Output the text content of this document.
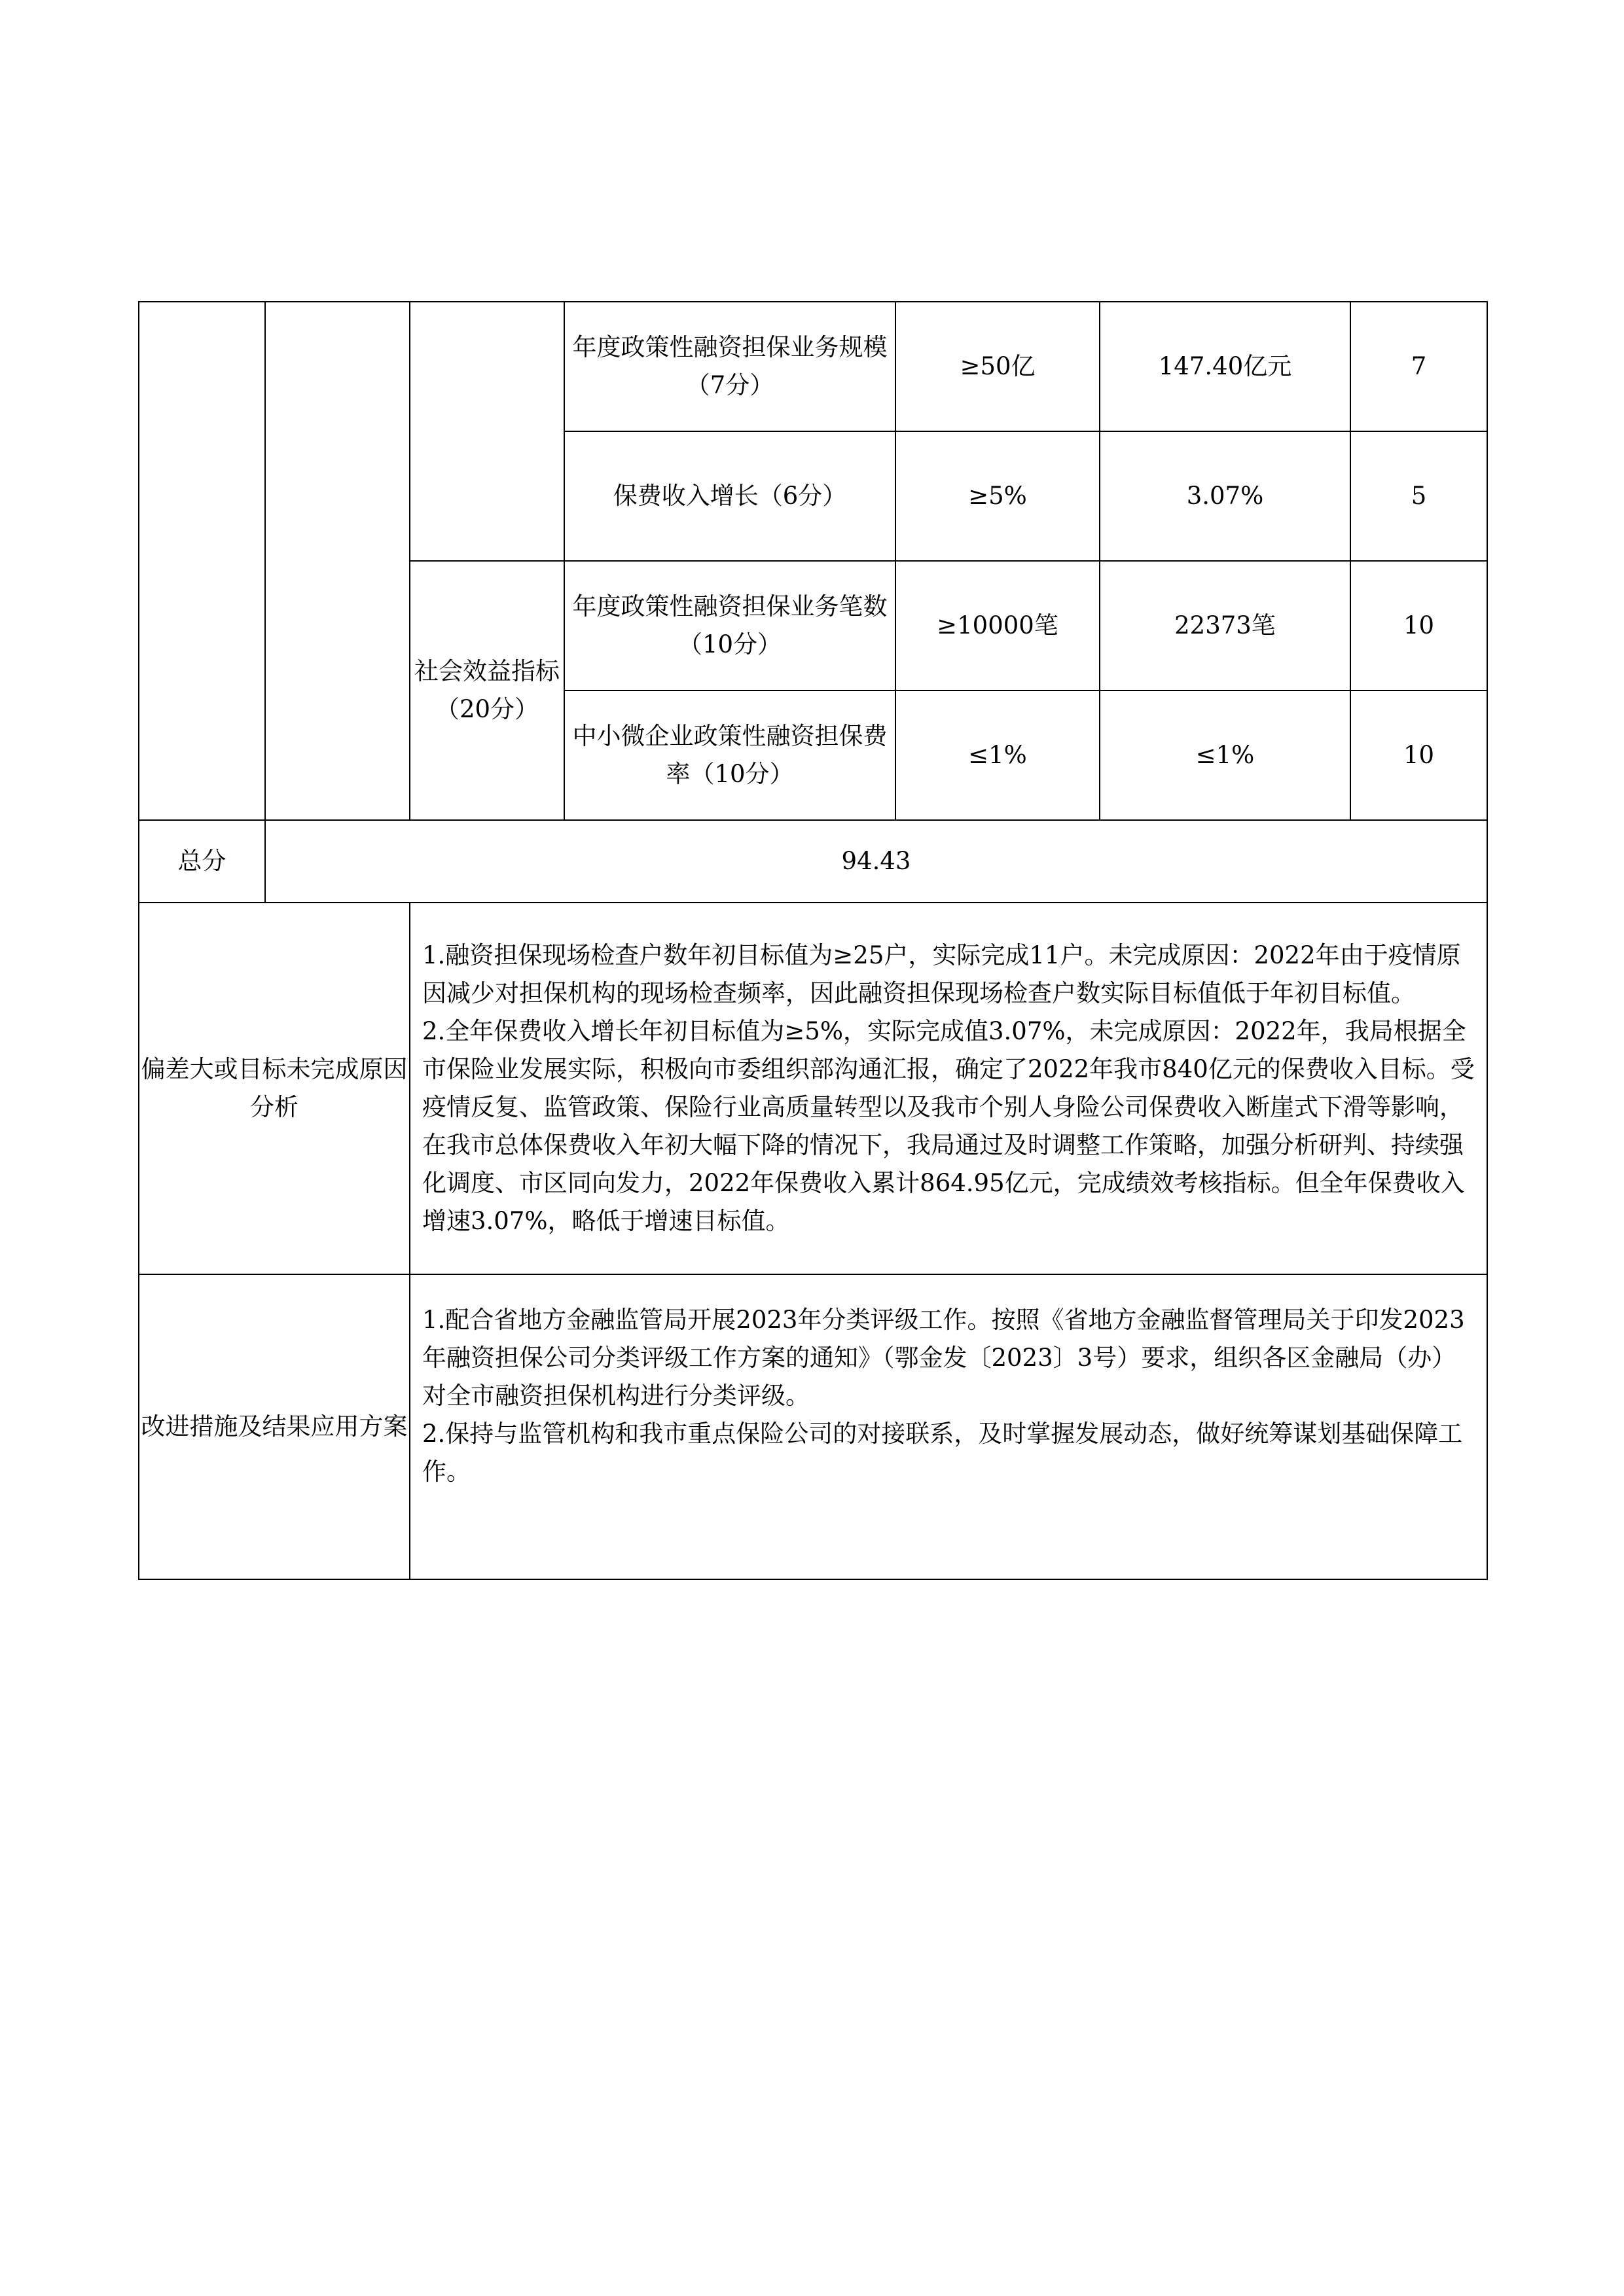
			年度政策性融资担保业务规模（7分）	≥50亿	147.40亿元	7
			保费收入增长（6分）	≥5%	3.07%	5
		社会效益指标（20分）	年度政策性融资担保业务笔数（10分）	≥10000笔	22373笔	10
			中小微企业政策性融资担保费率（10分）	≤1%	≤1%	10
总分	94.43					
偏差大或目标未完成原因分析		1.融资担保现场检查户数年初目标值为≥25户，实际完成11户。未完成原因：2022年由于疫情原因减少对担保机构的现场检查频率，因此融资担保现场检查户数实际目标值低于年初目标值。
2.全年保费收入增长年初目标值为≥5%，实际完成值3.07%，未完成原因：2022年，我局根据全市保险业发展实际，积极向市委组织部沟通汇报，确定了2022年我市840亿元的保费收入目标。受疫情反复、监管政策、保险行业高质量转型以及我市个别人身险公司保费收入断崖式下滑等影响，在我市总体保费收入年初大幅下降的情况下，我局通过及时调整工作策略，加强分析研判、持续强化调度、市区同向发力，2022年保费收入累计864.95亿元，完成绩效考核指标。但全年保费收入增速3.07%，略低于增速目标值。				

改进措施及结果应用方案		1.配合省地方金融监管局开展2023年分类评级工作。按照《省地方金融监督管理局关于印发2023年融资担保公司分类评级工作方案的通知》（鄂金发〔2023〕3号）要求，组织各区金融局（办）对全市融资担保机构进行分类评级。
2.保持与监管机构和我市重点保险公司的对接联系，及时掌握发展动态，做好统筹谋划基础保障工作。				
